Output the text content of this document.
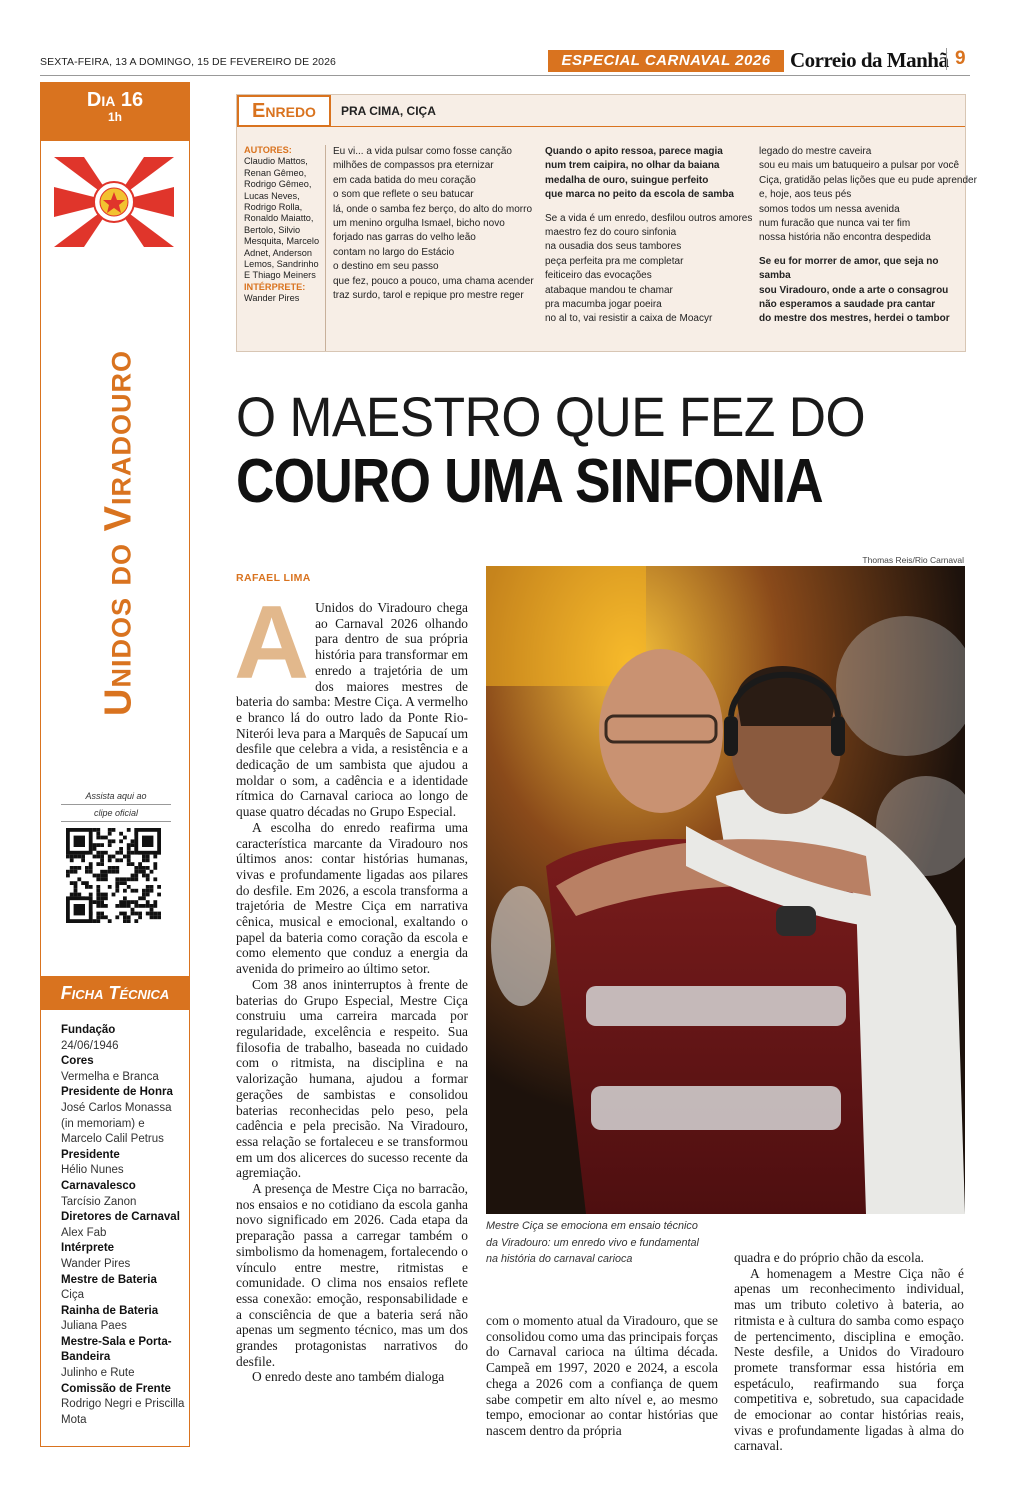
SEXTA-FEIRA, 13 A DOMINGO, 15 DE FEVEREIRO DE 2026	ESPECIAL CARNAVAL 2026 Correio da Manhã 9
Dia 16
1h
Unidos do Viradouro
Assista aqui ao
clipe oficial
Ficha Técnica
Fundação
24/06/1946
Cores
Vermelha e Branca
Presidente de Honra
José Carlos Monassa (in memoriam) e Marcelo Calil Petrus
Presidente
Hélio Nunes
Carnavalesco
Tarcísio Zanon
Diretores de Carnaval
Alex Fab
Intérprete
Wander Pires
Mestre de Bateria
Ciça
Rainha de Bateria
Juliana Paes
Mestre-Sala e Porta-Bandeira
Julinho e Rute
Comissão de Frente
Rodrigo Negri e Priscilla Mota
Enredo	PRA CIMA, CIÇA
AUTORES:
Claudio Mattos, Renan Gêmeo, Rodrigo Gêmeo, Lucas Neves, Rodrigo Rolla, Ronaldo Maiatto, Bertolo, Silvio Mesquita, Marcelo Adnet, Anderson Lemos, Sandrinho E Thiago Meiners
INTÉRPRETE:
Wander Pires
Eu vi... a vida pulsar como fosse canção
milhões de compassos pra eternizar
em cada batida do meu coração
o som que reflete o seu batucar
lá, onde o samba fez berço, do alto do morro
um menino orgulha Ismael, bicho novo
forjado nas garras do velho leão
contam no largo do Estácio
o destino em seu passo
que fez, pouco a pouco, uma chama acender
traz surdo, tarol e repique pro mestre reger
Quando o apito ressoa, parece magia
num trem caipira, no olhar da baiana
medalha de ouro, suingue perfeito
que marca no peito da escola de samba
Se a vida é um enredo, desfilou outros amores
maestro fez do couro sinfonia
na ousadia dos seus tambores
peça perfeita pra me completar
feiticeiro das evocações
atabaque mandou te chamar
pra macumba jogar poeira
no al to, vai resistir a caixa de Moacyr
legado do mestre caveira
sou eu mais um batuqueiro a pulsar por você
Ciça, gratidão pelas lições que eu pude aprender
e, hoje, aos teus pés
somos todos um nessa avenida
num furacão que nunca vai ter fim
nossa história não encontra despedida
Se eu for morrer de amor, que seja no
samba
sou Viradouro, onde a arte o consagrou
não esperamos a saudade pra cantar
do mestre dos mestres, herdei o tambor
O MAESTRO QUE FEZ DO
COURO UMA SINFONIA
RAFAEL LIMA
Thomas Reis/Rio Carnaval
Mestre Ciça se emociona em ensaio técnico da Viradouro: um enredo vivo e fundamental na história do carnaval carioca

A Unidos do Viradouro chega ao Carnaval 2026 olhando para dentro de sua própria história para transformar em enredo a trajetória de um dos maiores mestres de bateria do samba: Mestre Ciça. A vermelho e branco lá do outro lado da Ponte Rio-Niterói leva para a Marquês de Sapucaí um desfile que celebra a vida, a resistência e a dedicação de um sambista que ajudou a moldar o som, a cadência e a identidade rítmica do Carnaval carioca ao longo de quase quatro décadas no Grupo Especial.

A escolha do enredo reafirma uma característica marcante da Viradouro nos últimos anos: contar histórias humanas, vivas e profundamente ligadas aos pilares do desfile. Em 2026, a escola transforma a trajetória de Mestre Ciça em narrativa cênica, musical e emocional, exaltando o papel da bateria como coração da escola e como elemento que conduz a energia da avenida do primeiro ao último setor.

Com 38 anos ininterruptos à frente de baterias do Grupo Especial, Mestre Ciça construiu uma carreira marcada por regularidade, excelência e respeito. Sua filosofia de trabalho, baseada no cuidado com o ritmista, na disciplina e na valorização humana, ajudou a formar gerações de sambistas e consolidou baterias reconhecidas pelo peso, pela cadência e pela precisão. Na Viradouro, essa relação se fortaleceu e se transformou em um dos alicerces do sucesso recente da agremiação.

A presença de Mestre Ciça no barracão, nos ensaios e no cotidiano da escola ganha novo significado em 2026. Cada etapa da preparação passa a carregar também o simbolismo da homenagem, fortalecendo o vínculo entre mestre, ritmistas e comunidade. O clima nos ensaios reflete essa conexão: emoção, responsabilidade e a consciência de que a bateria será não apenas um segmento técnico, mas um dos grandes protagonistas narrativos do desfile.

O enredo deste ano também dialoga

com o momento atual da Viradouro, que se consolidou como uma das principais forças do Carnaval carioca na última década. Campeã em 1997, 2020 e 2024, a escola chega a 2026 com a confiança de quem sabe competir em alto nível e, ao mesmo tempo, emocionar ao contar histórias que nascem dentro da própria

quadra e do próprio chão da escola.

A homenagem a Mestre Ciça não é apenas um reconhecimento individual, mas um tributo coletivo à bateria, ao ritmista e à cultura do samba como espaço de pertencimento, disciplina e emoção. Neste desfile, a Unidos do Viradouro promete transformar essa história em espetáculo, reafirmando sua força competitiva e, sobretudo, sua capacidade de emocionar ao contar histórias reais, vivas e profundamente ligadas à alma do carnaval.
